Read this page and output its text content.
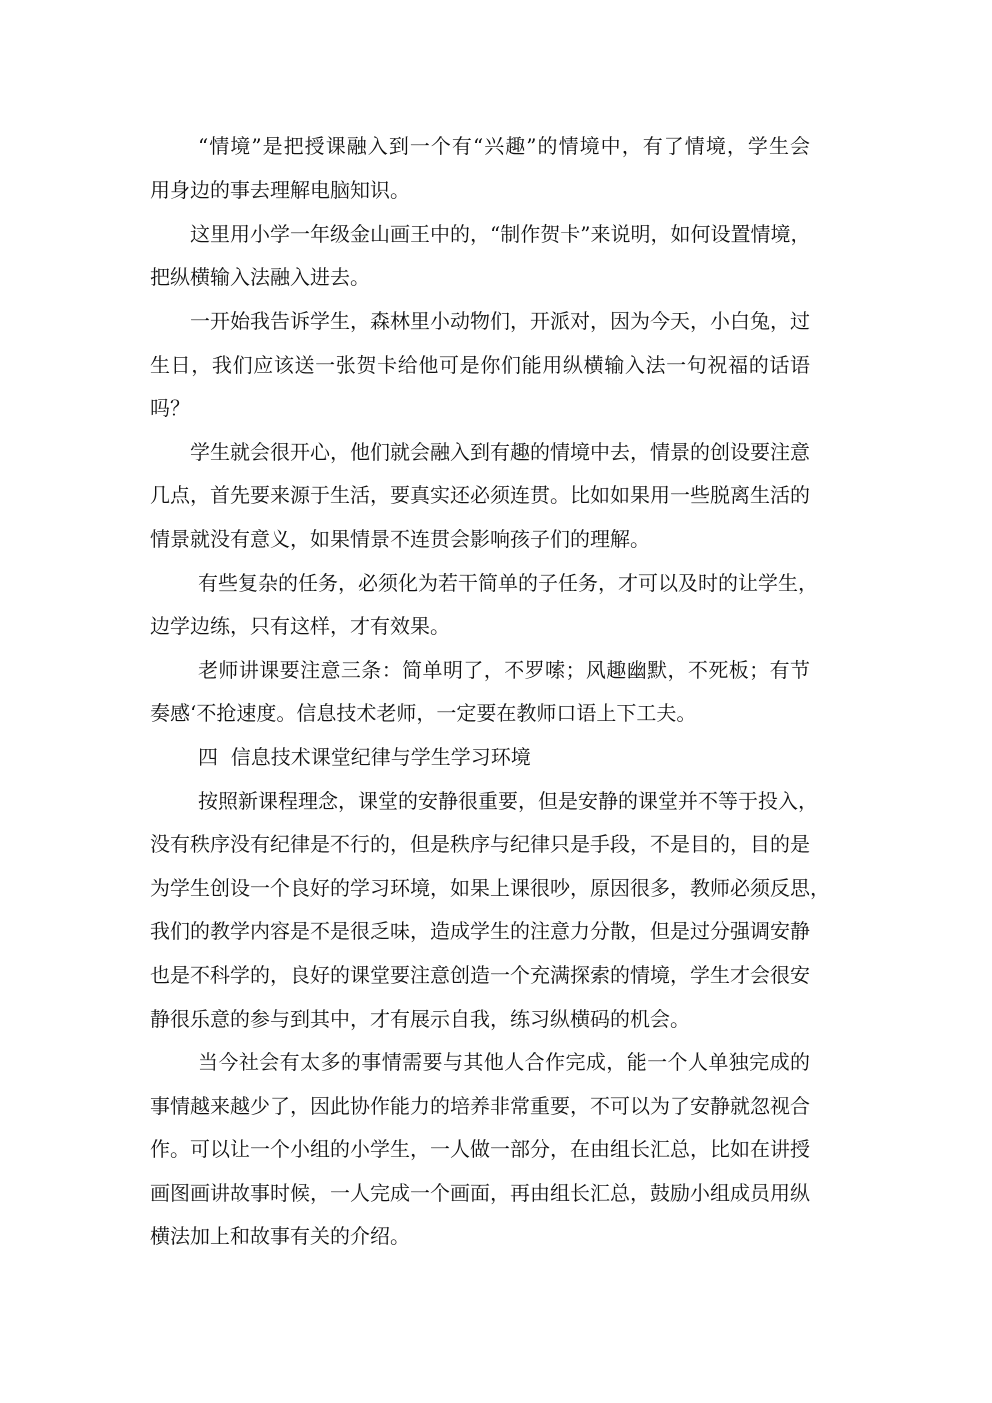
“情境”是把授课融入到一个有“兴趣”的情境中，有了情境，学生会
用身边的事去理解电脑知识。
这里用小学一年级金山画王中的，“制作贺卡”来说明，如何设置情境，
把纵横输入法融入进去。
一开始我告诉学生，森林里小动物们，开派对，因为今天，小白兔，过
生日，我们应该送一张贺卡给他可是你们能用纵横输入法一句祝福的话语
吗？
学生就会很开心，他们就会融入到有趣的情境中去，情景的创设要注意
几点，首先要来源于生活，要真实还必须连贯。比如如果用一些脱离生活的
情景就没有意义，如果情景不连贯会影响孩子们的理解。
有些复杂的任务，必须化为若干简单的子任务，才可以及时的让学生，
边学边练，只有这样，才有效果。
老师讲课要注意三条：简单明了，不罗嗦；风趣幽默，不死板；有节
奏感‘不抢速度。信息技术老师，一定要在教师口语上下工夫。
四  信息技术课堂纪律与学生学习环境
按照新课程理念，课堂的安静很重要，但是安静的课堂并不等于投入，
没有秩序没有纪律是不行的，但是秩序与纪律只是手段，不是目的，目的是
为学生创设一个良好的学习环境，如果上课很吵，原因很多，教师必须反思，
我们的教学内容是不是很乏味，造成学生的注意力分散，但是过分强调安静
也是不科学的，良好的课堂要注意创造一个充满探索的情境，学生才会很安
静很乐意的参与到其中，才有展示自我，练习纵横码的机会。
当今社会有太多的事情需要与其他人合作完成，能一个人单独完成的
事情越来越少了，因此协作能力的培养非常重要，不可以为了安静就忽视合
作。可以让一个小组的小学生，一人做一部分，在由组长汇总，比如在讲授
画图画讲故事时候，一人完成一个画面，再由组长汇总，鼓励小组成员用纵
横法加上和故事有关的介绍。
